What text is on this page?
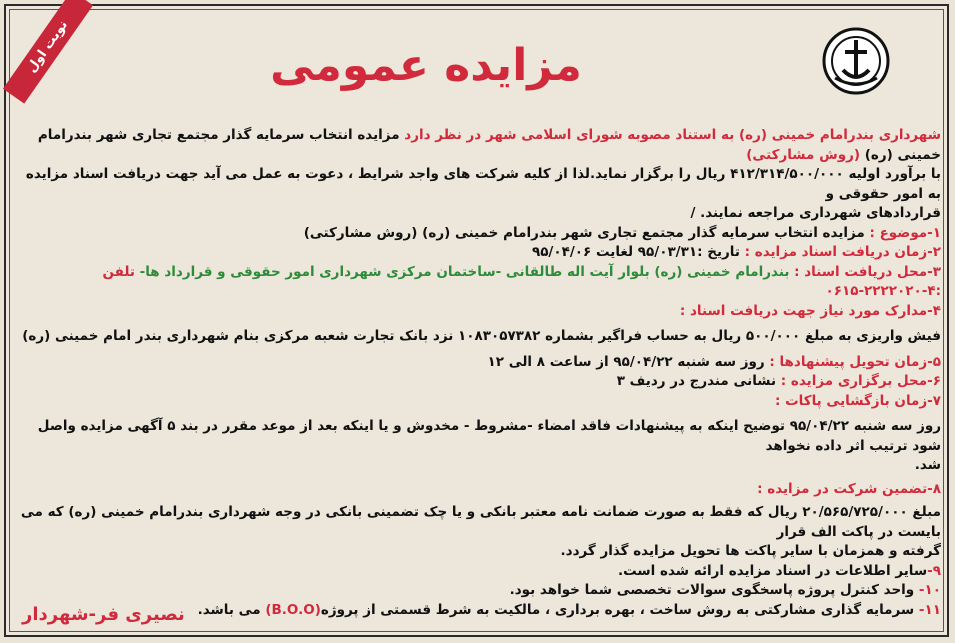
نوبت اول	مزایده عمومی

شهرداری بندرامام خمینی (ره) به استناد مصوبه شورای اسلامی شهر در نظر دارد مزایده انتخاب سرمایه گذار مجتمع تجاری شهر بندرامام خمینی (ره) (روش مشارکتی)

با برآورد اولیه ۴۱۲/۳۱۴/۵۰۰/۰۰۰ ریال را برگزار نماید.لذا از کلیه شرکت های واجد شرایط ، دعوت به عمل می آید جهت دریافت اسناد مزایده به امور حقوقی و

قراردادهای شهرداری مراجعه نمایند. /

۱-موضوع : مزایده انتخاب سرمایه گذار مجتمع تجاری شهر بندرامام خمینی (ره) (روش مشارکتی)

۲-زمان دریافت اسناد مزایده : تاریخ :۹۵/۰۳/۳۱ لغایت ۹۵/۰۴/۰۶

۳-محل دریافت اسناد : بندرامام خمینی (ره) بلوار آیت اله طالقانی -ساختمان مرکزی شهرداری امور حقوقی و قرارداد ها- تلفن :۴-۲۲۲۲۰۲۰-۰۶۱۵

۴-مدارک مورد نیاز جهت دریافت اسناد :

فیش واریزی به مبلغ ۵۰۰/۰۰۰ ریال به حساب فراگیر بشماره ۱۰۸۳۰۵۷۳۸۲ نزد بانک تجارت شعبه مرکزی بنام شهرداری بندر امام خمینی (ره)

۵-زمان تحویل پیشنهادها : روز سه شنبه ۹۵/۰۴/۲۲ از ساعت ۸ الی ۱۲

۶-محل برگزاری مزایده : نشانی مندرج در ردیف ۳

۷-زمان بازگشایی پاکات :

روز سه شنبه ۹۵/۰۴/۲۲ توضیح اینکه به پیشنهادات فاقد امضاء -مشروط - مخدوش و یا اینکه بعد از موعد مقرر در بند ۵ آگهی مزایده واصل شود ترتیب اثر داده نخواهد

شد.

۸-تضمین شرکت در مزایده :

مبلغ ۲۰/۵۶۵/۷۲۵/۰۰۰ ریال که فقط به صورت ضمانت نامه معتبر بانکی و یا چک تضمینی بانکی در وجه شهرداری بندرامام خمینی (ره) که می بایست در پاکت الف قرار

گرفته و همزمان با سایر پاکت ها تحویل مزایده گذار گردد.

۹-سایر اطلاعات در اسناد مزایده ارائه شده است.

۱۰- واحد کنترل پروژه پاسخگوی سوالات تخصصی شما خواهد بود.

۱۱- سرمایه گذاری مشارکتی به روش ساخت ، بهره برداری ، مالکیت به شرط قسمتی از پروژه(B.O.O) می باشد.

نصیری فر-شهردار
